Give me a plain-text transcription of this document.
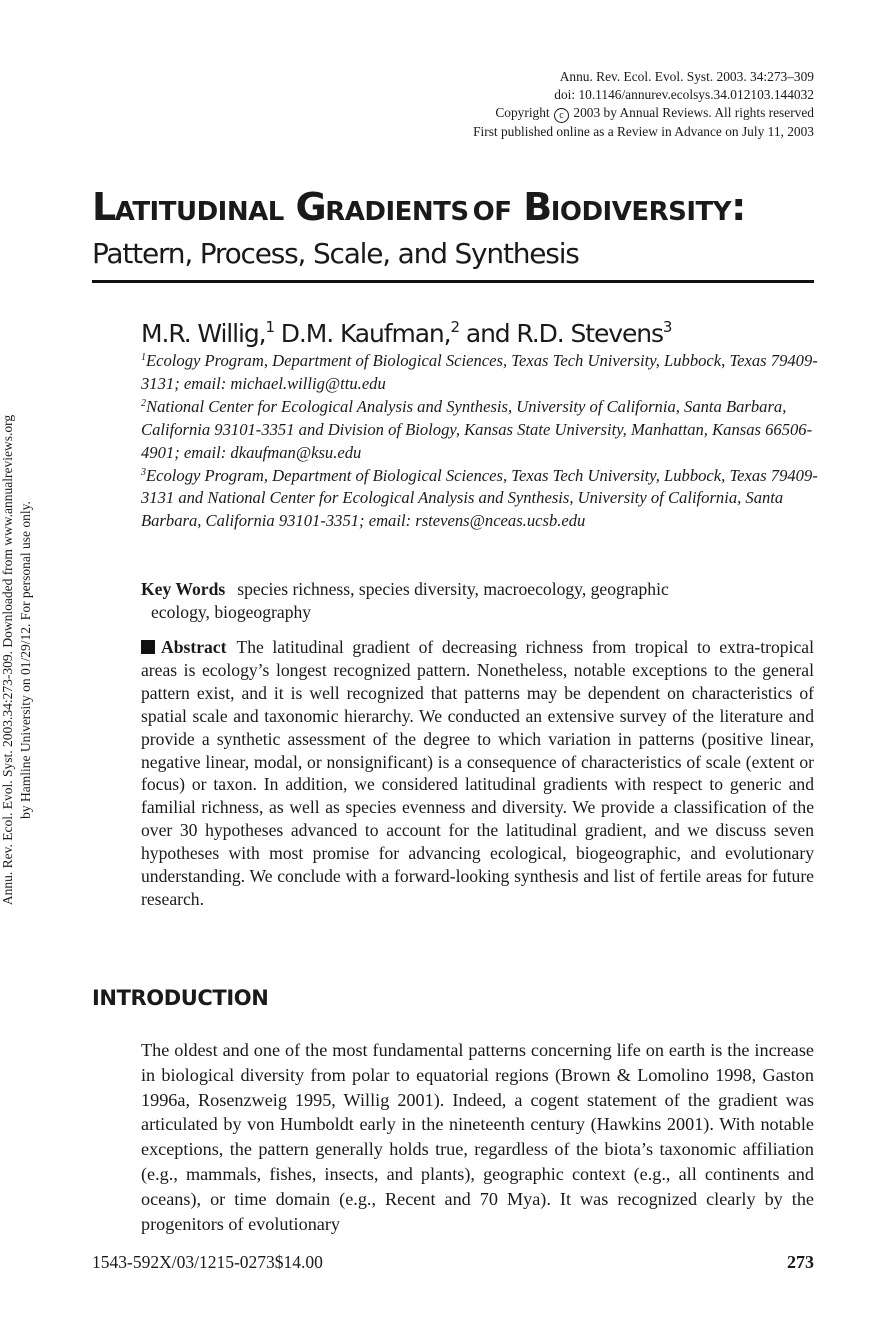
Annu. Rev. Ecol. Evol. Syst. 2003. 34:273–309
doi: 10.1146/annurev.ecolsys.34.012103.144032
Copyright c 2003 by Annual Reviews. All rights reserved
First published online as a Review in Advance on July 11, 2003
Annu. Rev. Ecol. Evol. Syst. 2003.34:273-309. Downloaded from www.annualreviews.org by Hamline University on 01/29/12. For personal use only.
LATITUDINAL GRADIENTS OF BIODIVERSITY:
Pattern, Process, Scale, and Synthesis
M.R. Willig,$^1$ D.M. Kaufman,$^2$ and R.D. Stevens$^3$
$^1$Ecology Program, Department of Biological Sciences, Texas Tech University, Lubbock, Texas 79409-3131; email: michael.willig@ttu.edu
$^2$National Center for Ecological Analysis and Synthesis, University of California, Santa Barbara, California 93101-3351 and Division of Biology, Kansas State University, Manhattan, Kansas 66506-4901; email: dkaufman@ksu.edu
$^3$Ecology Program, Department of Biological Sciences, Texas Tech University, Lubbock, Texas 79409-3131 and National Center for Ecological Analysis and Synthesis, University of California, Santa Barbara, California 93101-3351; email: rstevens@nceas.ucsb.edu
Key Words species richness, species diversity, macroecology, geographic
ecology, biogeography
Abstract The latitudinal gradient of decreasing richness from tropical to extra-tropical areas is ecology’s longest recognized pattern. Nonetheless, notable exceptions to the general pattern exist, and it is well recognized that patterns may be dependent on characteristics of spatial scale and taxonomic hierarchy. We conducted an extensive survey of the literature and provide a synthetic assessment of the degree to which variation in patterns (positive linear, negative linear, modal, or nonsignificant) is a consequence of characteristics of scale (extent or focus) or taxon. In addition, we considered latitudinal gradients with respect to generic and familial richness, as well as species evenness and diversity. We provide a classification of the over 30 hypotheses advanced to account for the latitudinal gradient, and we discuss seven hypotheses with most promise for advancing ecological, biogeographic, and evolutionary understanding. We conclude with a forward-looking synthesis and list of fertile areas for future research.
INTRODUCTION
The oldest and one of the most fundamental patterns concerning life on earth is the increase in biological diversity from polar to equatorial regions (Brown & Lomolino 1998, Gaston 1996a, Rosenzweig 1995, Willig 2001). Indeed, a cogent statement of the gradient was articulated by von Humboldt early in the nineteenth century (Hawkins 2001). With notable exceptions, the pattern generally holds true, regardless of the biota’s taxonomic affiliation (e.g., mammals, fishes, insects, and plants), geographic context (e.g., all continents and oceans), or time domain (e.g., Recent and 70 Mya). It was recognized clearly by the progenitors of evolutionary
1543-592X/03/1215-0273$14.00	273
